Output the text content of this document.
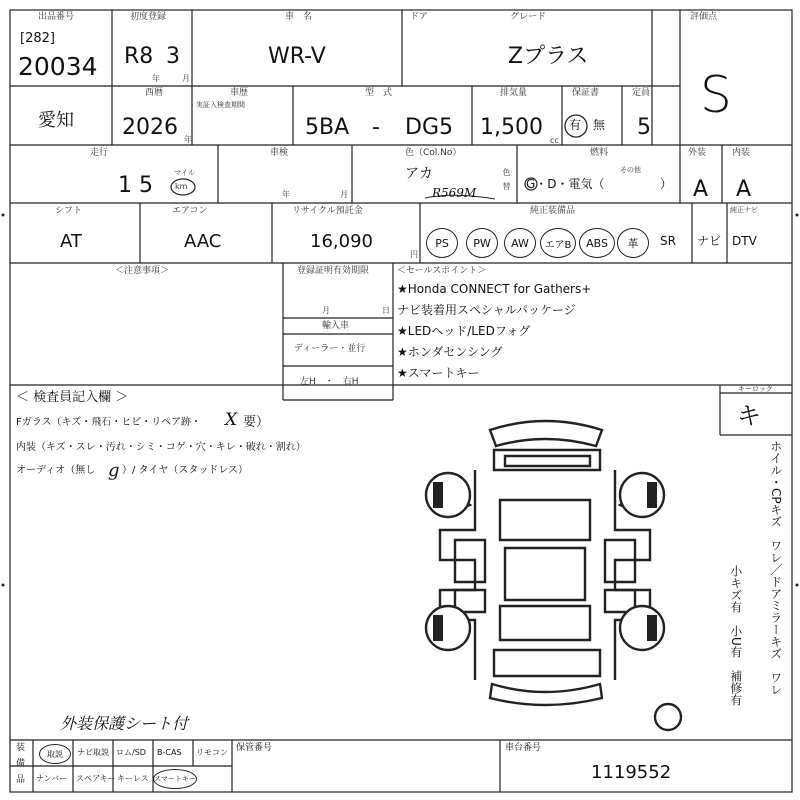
出品番号
[282]
20034
初度登録
R8 3
年	月
車　名
WR-V
ドア	グレード
Zプラス
評価点
S
愛知
西暦
2026 年
車歴
実証入検査期間
型　式
5BA - DG5
排気量
1,500
cc
保証書
有 無
定員
5
走行
1 5	マイル
km
車検
年	月
色（Col.No）
アカ
R569M	色替
燃料
G・D・電気（
その他
）
外装
A
内装
A
シフト
AT
エアコン
AAC
リサイクル預託金
16,090
円
純正装備品	純正ナビ
PS	PW	AW	エアB	ABS	革	SR ナビ DTV
＜注意事項＞	登録証明有効期限
月	日
輸入車
ディーラー・並行
左H　・　右H
＜セールスポイント＞
★Honda CONNECT for Gathers+
ナビ装着用スペシャルパッケージ
★LEDヘッド/LEDフォグ
★ホンダセンシング
★スマートキー
＜ 検査員記入欄 ＞
Fガラス（キズ・飛石・ヒビ・リペア跡・ X 要）
内装（キズ・スレ・汚れ・シミ・コゲ・穴・キレ・破れ・割れ）
オーディオ（無し g ）/ タイヤ（スタッドレス）
外装保護シート付
キーロック
キ
ホイル・CPキズ　ワレ／ドアミラーキズ　ワレ
小キズ有　小U有　補修有
装
備
品
取説	ナビ取説 ロム/SD B-CAS リモコン
ナンバー スペアキー キーレス スマートキー
保管番号	車台番号
1119552
